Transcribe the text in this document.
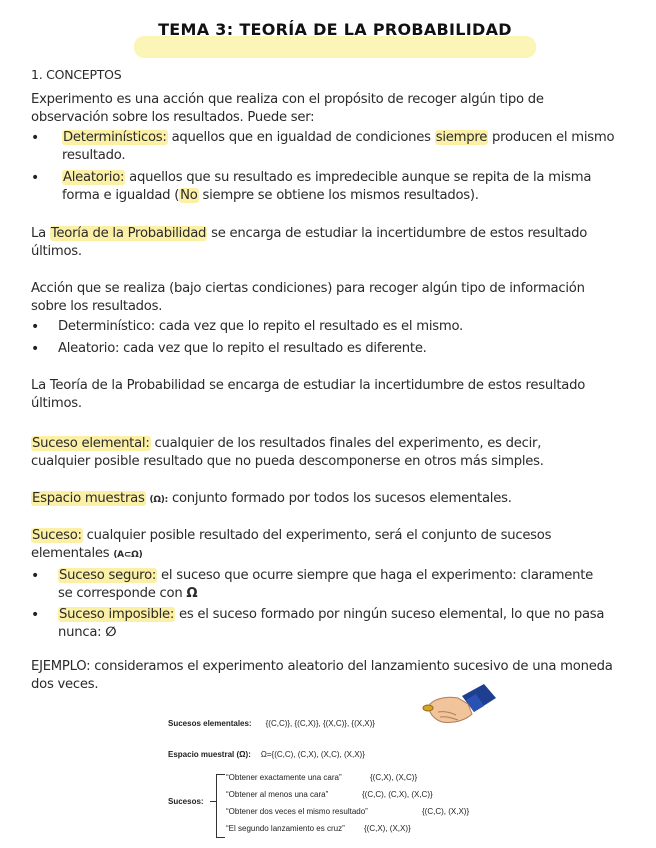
TEMA 3: TEORÍA DE LA PROBABILIDAD
1. CONCEPTOS
Experimento es una acción que realiza con el propósito de recoger algún tipo de
observación sobre los resultados. Puede ser:
• Determinísticos: aquellos que en igualdad de condiciones siempre producen el mismo
resultado.
• Aleatorio: aquellos que su resultado es impredecible aunque se repita de la misma
forma e igualdad (No siempre se obtiene los mismos resultados).
La Teoría de la Probabilidad se encarga de estudiar la incertidumbre de estos resultado
últimos.
Acción que se realiza (bajo ciertas condiciones) para recoger algún tipo de información
sobre los resultados.
• Determinístico: cada vez que lo repito el resultado es el mismo.
• Aleatorio: cada vez que lo repito el resultado es diferente.
La Teoría de la Probabilidad se encarga de estudiar la incertidumbre de estos resultado
últimos.
Suceso elemental: cualquier de los resultados finales del experimento, es decir,
cualquier posible resultado que no pueda descomponerse en otros más simples.
Espacio muestras (Ω): conjunto formado por todos los sucesos elementales.
Suceso: cualquier posible resultado del experimento, será el conjunto de sucesos
elementales (A⊂Ω)
• Suceso seguro: el suceso que ocurre siempre que haga el experimento: claramente
se corresponde con Ω
• Suceso imposible: es el suceso formado por ningún suceso elemental, lo que no pasa
nunca: ∅
EJEMPLO: consideramos el experimento aleatorio del lanzamiento sucesivo de una moneda
dos veces.
Sucesos elementales: {(C,C)}, {(C,X)}, {(X,C)}, {(X,X)}
Espacio muestral (Ω): Ω={(C,C), (C,X), (X,C), (X,X)}
Sucesos:
“Obtener exactamente una cara”	{(C,X), (X,C)}
“Obtener al menos una cara”	{(C,C), (C,X), (X,C)}
“Obtener dos veces el mismo resultado”	{(C,C), (X,X)}
“El segundo lanzamiento es cruz” {(C,X), (X,X)}
